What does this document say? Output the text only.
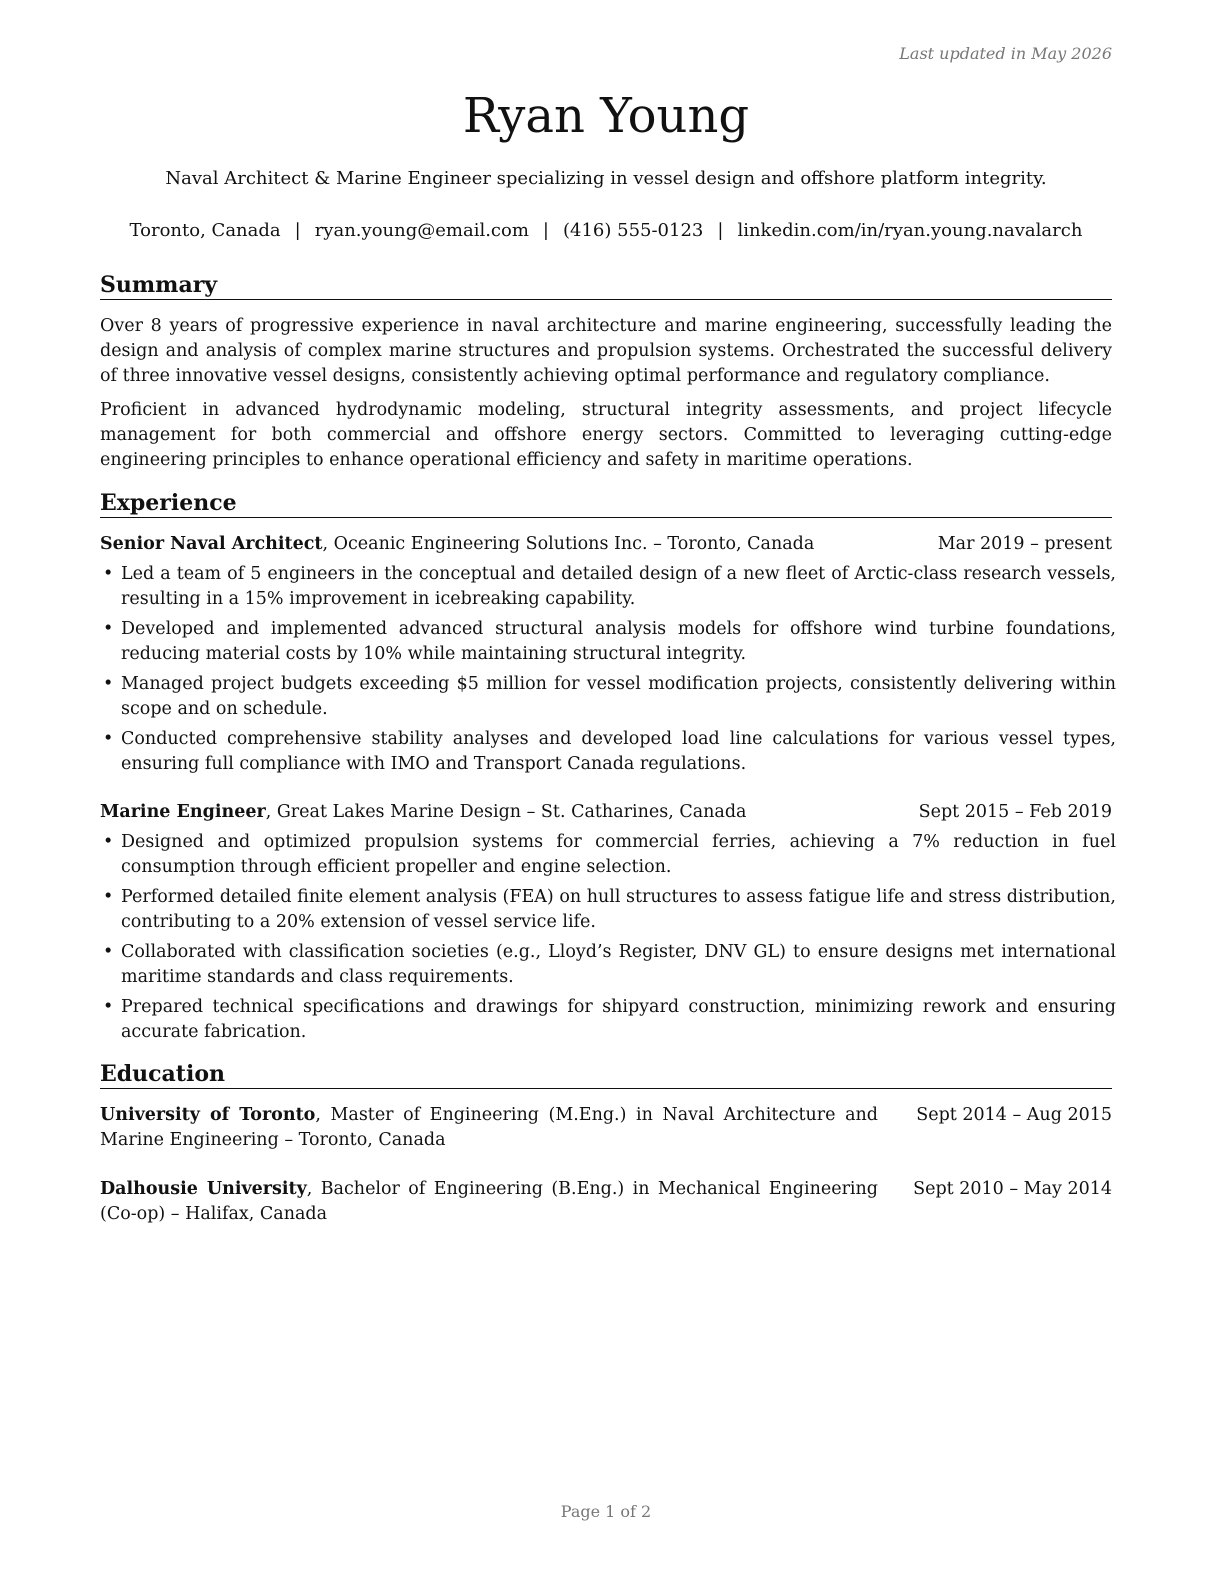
Last updated in May 2026
Ryan Young
Naval Architect & Marine Engineer specializing in vessel design and offshore platform integrity.
Toronto, Canada | ryan.young@email.com | (416) 555-0123 | linkedin.com/in/ryan.young.navalarch
Summary

Over 8 years of progressive experience in naval architecture and marine engineering, successfully leading the design and analysis of complex marine structures and propulsion systems. Orchestrated the successful delivery of three innovative vessel designs, consistently achieving optimal performance and regulatory compliance.

Proficient in advanced hydrodynamic modeling, structural integrity assessments, and project lifecycle management for both commercial and offshore energy sectors. Committed to leveraging cutting-edge engineering principles to enhance operational efficiency and safety in maritime operations.

Experience
Senior Naval Architect, Oceanic Engineering Solutions Inc. – Toronto, Canada	Mar 2019 – present
• Led a team of 5 engineers in the conceptual and detailed design of a new fleet of Arctic-class research vessels, resulting in a 15% improvement in icebreaking capability.
• Developed and implemented advanced structural analysis models for offshore wind turbine foundations, reducing material costs by 10% while maintaining structural integrity.
• Managed project budgets exceeding $5 million for vessel modification projects, consistently delivering within scope and on schedule.
• Conducted comprehensive stability analyses and developed load line calculations for various vessel types, ensuring full compliance with IMO and Transport Canada regulations.
Marine Engineer, Great Lakes Marine Design – St. Catharines, Canada	Sept 2015 – Feb 2019
• Designed and optimized propulsion systems for commercial ferries, achieving a 7% reduction in fuel consumption through efficient propeller and engine selection.
• Performed detailed finite element analysis (FEA) on hull structures to assess fatigue life and stress distribution, contributing to a 20% extension of vessel service life.
• Collaborated with classification societies (e.g., Lloyd’s Register, DNV GL) to ensure designs met international maritime standards and class requirements.
• Prepared technical specifications and drawings for shipyard construction, minimizing rework and ensuring accurate fabrication.
Education
University of Toronto, Master of Engineering (M.Eng.) in Naval Architecture and Marine Engineering – Toronto, Canada
Sept 2014 – Aug 2015
Dalhousie University, Bachelor of Engineering (B.Eng.) in Mechanical Engineering (Co-op) – Halifax, Canada
Sept 2010 – May 2014
Page 1 of 2
